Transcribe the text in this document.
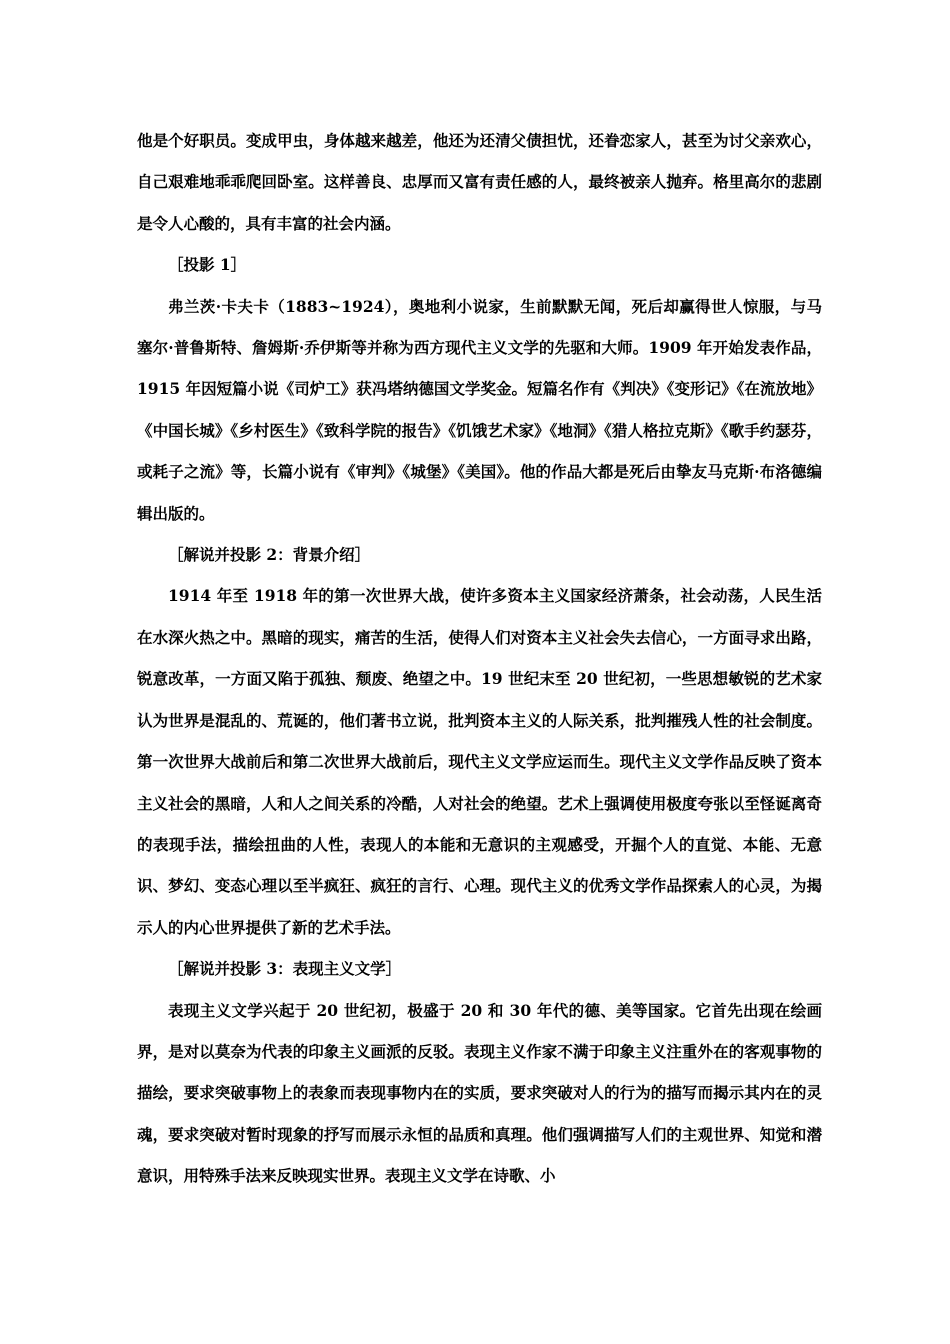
他是个好职员。变成甲虫，身体越来越差，他还为还清父债担忧，还眷恋家人，甚至为讨父亲欢心，自己艰难地乖乖爬回卧室。这样善良、忠厚而又富有责任感的人，最终被亲人抛弃。格里高尔的悲剧是令人心酸的，具有丰富的社会内涵。

［投影 1］

弗兰茨·卡夫卡（1883~1924），奥地利小说家，生前默默无闻，死后却赢得世人惊服，与马塞尔·普鲁斯特、詹姆斯·乔伊斯等并称为西方现代主义文学的先驱和大师。1909 年开始发表作品，1915 年因短篇小说《司炉工》获冯塔纳德国文学奖金。短篇名作有《判决》《变形记》《在流放地》《中国长城》《乡村医生》《致科学院的报告》《饥饿艺术家》《地洞》《猎人格拉克斯》《歌手约瑟芬，或耗子之流》等，长篇小说有《审判》《城堡》《美国》。他的作品大都是死后由挚友马克斯·布洛德编辑出版的。

［解说并投影 2：背景介绍］

1914 年至 1918 年的第一次世界大战，使许多资本主义国家经济萧条，社会动荡，人民生活在水深火热之中。黑暗的现实，痛苦的生活，使得人们对资本主义社会失去信心，一方面寻求出路，锐意改革，一方面又陷于孤独、颓废、绝望之中。19 世纪末至 20 世纪初，一些思想敏锐的艺术家认为世界是混乱的、荒诞的，他们著书立说，批判资本主义的人际关系，批判摧残人性的社会制度。第一次世界大战前后和第二次世界大战前后，现代主义文学应运而生。现代主义文学作品反映了资本主义社会的黑暗，人和人之间关系的冷酷，人对社会的绝望。艺术上强调使用极度夸张以至怪诞离奇的表现手法，描绘扭曲的人性，表现人的本能和无意识的主观感受，开掘个人的直觉、本能、无意识、梦幻、变态心理以至半疯狂、疯狂的言行、心理。现代主义的优秀文学作品探索人的心灵，为揭示人的内心世界提供了新的艺术手法。

［解说并投影 3：表现主义文学］

表现主义文学兴起于 20 世纪初，极盛于 20 和 30 年代的德、美等国家。它首先出现在绘画界，是对以莫奈为代表的印象主义画派的反驳。表现主义作家不满于印象主义注重外在的客观事物的描绘，要求突破事物上的表象而表现事物内在的实质，要求突破对人的行为的描写而揭示其内在的灵魂，要求突破对暂时现象的抒写而展示永恒的品质和真理。他们强调描写人们的主观世界、知觉和潜意识，用特殊手法来反映现实世界。表现主义文学在诗歌、小
